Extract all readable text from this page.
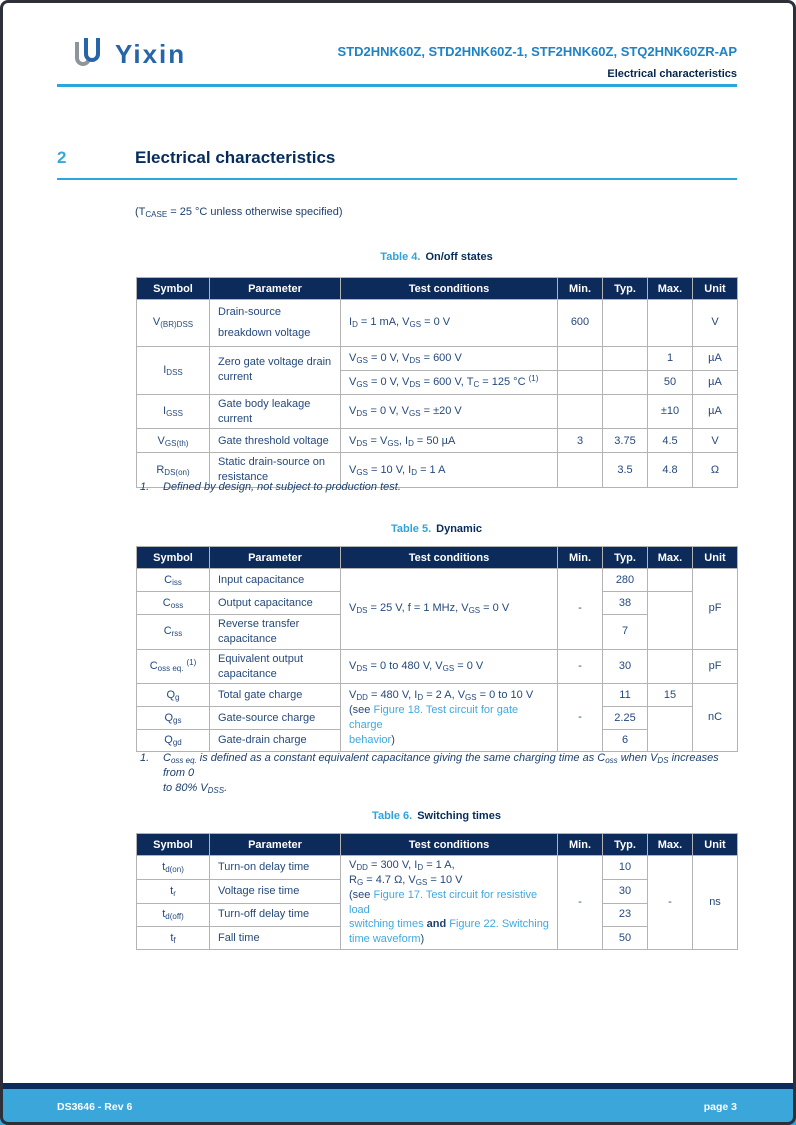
Yixin	STD2HNK60Z, STD2HNK60Z-1, STF2HNK60Z, STQ2HNK60ZR-AP
Electrical characteristics
2	Electrical characteristics
($T_{CASE} = 25$ °C unless otherwise specified)
Table 4. On/off states
Symbol	Parameter	Test conditions	Min.	Typ.	Max.	Unit
$V_{(BR)DSS}$	Drain-source
breakdown voltage	$I_D = 1$ mA, $V_{GS} = 0$ V	600			V
$I_{DSS}$	Zero gate voltage drain
current	$V_{GS} = 0$ V, $V_{DS} = 600$ V			1	µA
		$V_{GS} = 0$ V, $V_{DS} = 600$ V, $T_C = 125$ °C $^{(1)}$			50	µA
$I_{GSS}$	Gate body leakage
current	$V_{DS} = 0$ V, $V_{GS} = \pm 20$ V			±10	µA
$V_{GS(th)}$	Gate threshold voltage	$V_{DS} = V_{GS}$, $I_D = 50$ µA	3	3.75	4.5	V
$R_{DS(on)}$	Static drain-source on
resistance	$V_{GS} = 10$ V, $I_D = 1$ A		3.5	4.8	Ω
1.	Defined by design, not subject to production test.
Table 5. Dynamic
Symbol	Parameter	Test conditions	Min.	Typ.	Max.	Unit
$C_{iss}$	Input capacitance	$V_{DS} = 25$ V, f = 1 MHz, $V_{GS} = 0$ V	-	280		pF
$C_{oss}$	Output capacitance			38		
$C_{rss}$	Reverse transfer
capacitance			7		
$C_{oss eq.}$ $^{(1)}$	Equivalent output
capacitance	$V_{DS} = 0$ to 480 V, $V_{GS} = 0$ V	-	30		pF
$Q_g$	Total gate charge	$V_{DD} = 480$ V, $I_D = 2$ A, $V_{GS} = 0$ to 10 V
(see Figure 18. Test circuit for gate charge
behavior)	-	11	15	nC
$Q_{gs}$	Gate-source charge			2.25		
$Q_{gd}$	Gate-drain charge			6		
1.	$C_{oss eq.}$ is defined as a constant equivalent capacitance giving the same charging time as $C_{oss}$ when $V_{DS}$ increases from 0
to 80% $V_{DSS}$.
Table 6. Switching times
Symbol	Parameter	Test conditions	Min.	Typ.	Max.	Unit
$t_{d(on)}$	Turn-on delay time	$V_{DD} = 300$ V, $I_D = 1$ A,
$R_G = 4.7$ Ω, $V_{GS} = 10$ V
(see Figure 17. Test circuit for resistive load
switching times and Figure 22. Switching
time waveform)	-	10	-	ns
$t_r$	Voltage rise time			30		
$t_{d(off)}$	Turn-off delay time			23		
$t_f$	Fall time			50		
DS3646 - Rev 6	page 3
